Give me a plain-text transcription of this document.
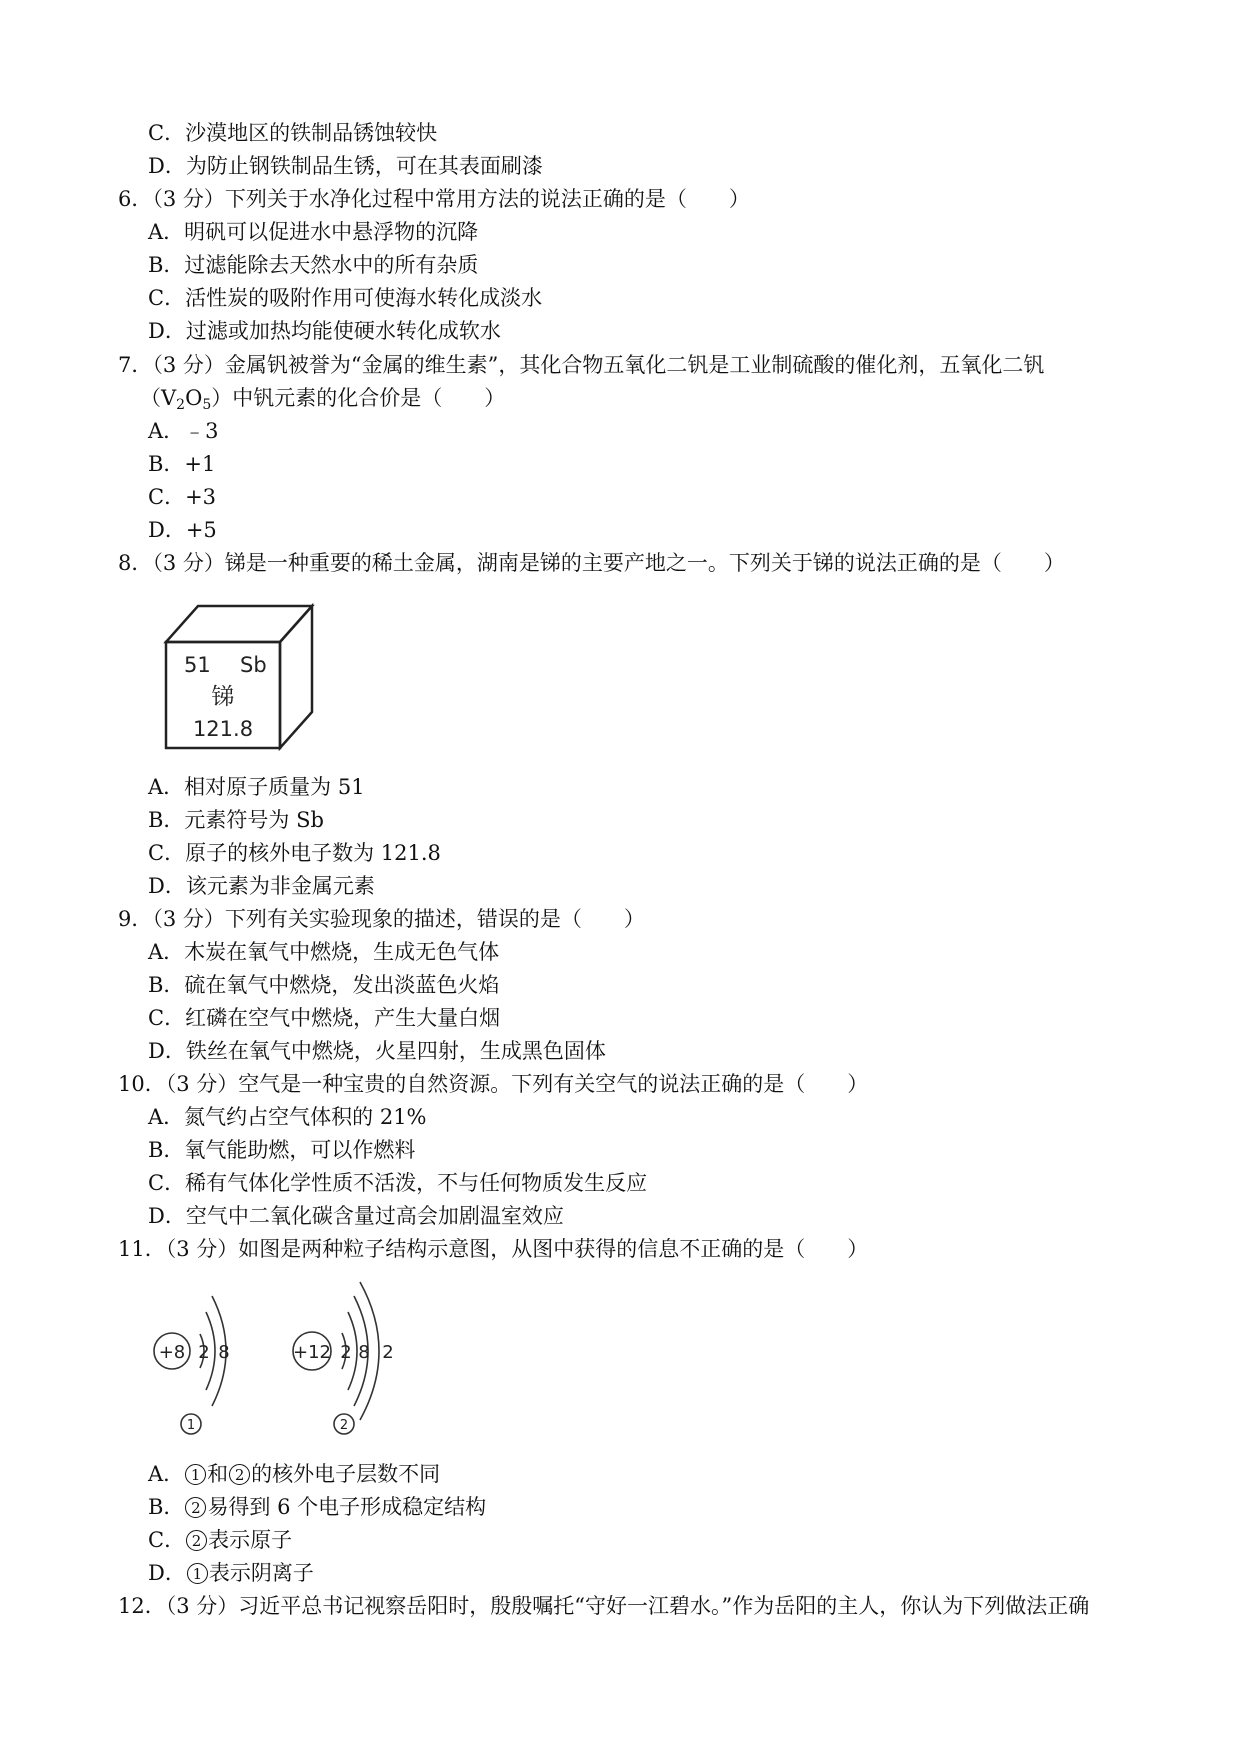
C．沙漠地区的铁制品锈蚀较快
D．为防止钢铁制品生锈，可在其表面刷漆
6．（3 分）下列关于水净化过程中常用方法的说法正确的是（　　）
A．明矾可以促进水中悬浮物的沉降
B．过滤能除去天然水中的所有杂质
C．活性炭的吸附作用可使海水转化成淡水
D．过滤或加热均能使硬水转化成软水
7．（3 分）金属钒被誉为“金属的维生素”，其化合物五氧化二钒是工业制硫酸的催化剂，五氧化二钒
$(V_2O_5)$中钒元素的化合价是（　　）
A．﹣3
B．+1
C．+3
D．+5
8．（3 分）锑是一种重要的稀土金属，湖南是锑的主要产地之一。下列关于锑的说法正确的是（　　）
51 Sb
锑
121.8
A．相对原子质量为 51
B．元素符号为 Sb
C．原子的核外电子数为 121.8
D．该元素为非金属元素
9．（3 分）下列有关实验现象的描述，错误的是（　　）
A．木炭在氧气中燃烧，生成无色气体
B．硫在氧气中燃烧，发出淡蓝色火焰
C．红磷在空气中燃烧，产生大量白烟
D．铁丝在氧气中燃烧，火星四射，生成黑色固体
10．（3 分）空气是一种宝贵的自然资源。下列有关空气的说法正确的是（　　）
A．氮气约占空气体积的 21%
B．氧气能助燃，可以作燃料
C．稀有气体化学性质不活泼，不与任何物质发生反应
D．空气中二氧化碳含量过高会加剧温室效应
11．（3 分）如图是两种粒子结构示意图，从图中获得的信息不正确的是（　　）
+8 2 8	+12 2 8 2
1	2
A． 1 和 2 的核外电子层数不同
B． 2 易得到 6 个电子形成稳定结构
C． 2 表示原子
D． 1 表示阴离子
12．（3 分）习近平总书记视察岳阳时，殷殷嘱托“守好一江碧水。”作为岳阳的主人，你认为下列做法正确
